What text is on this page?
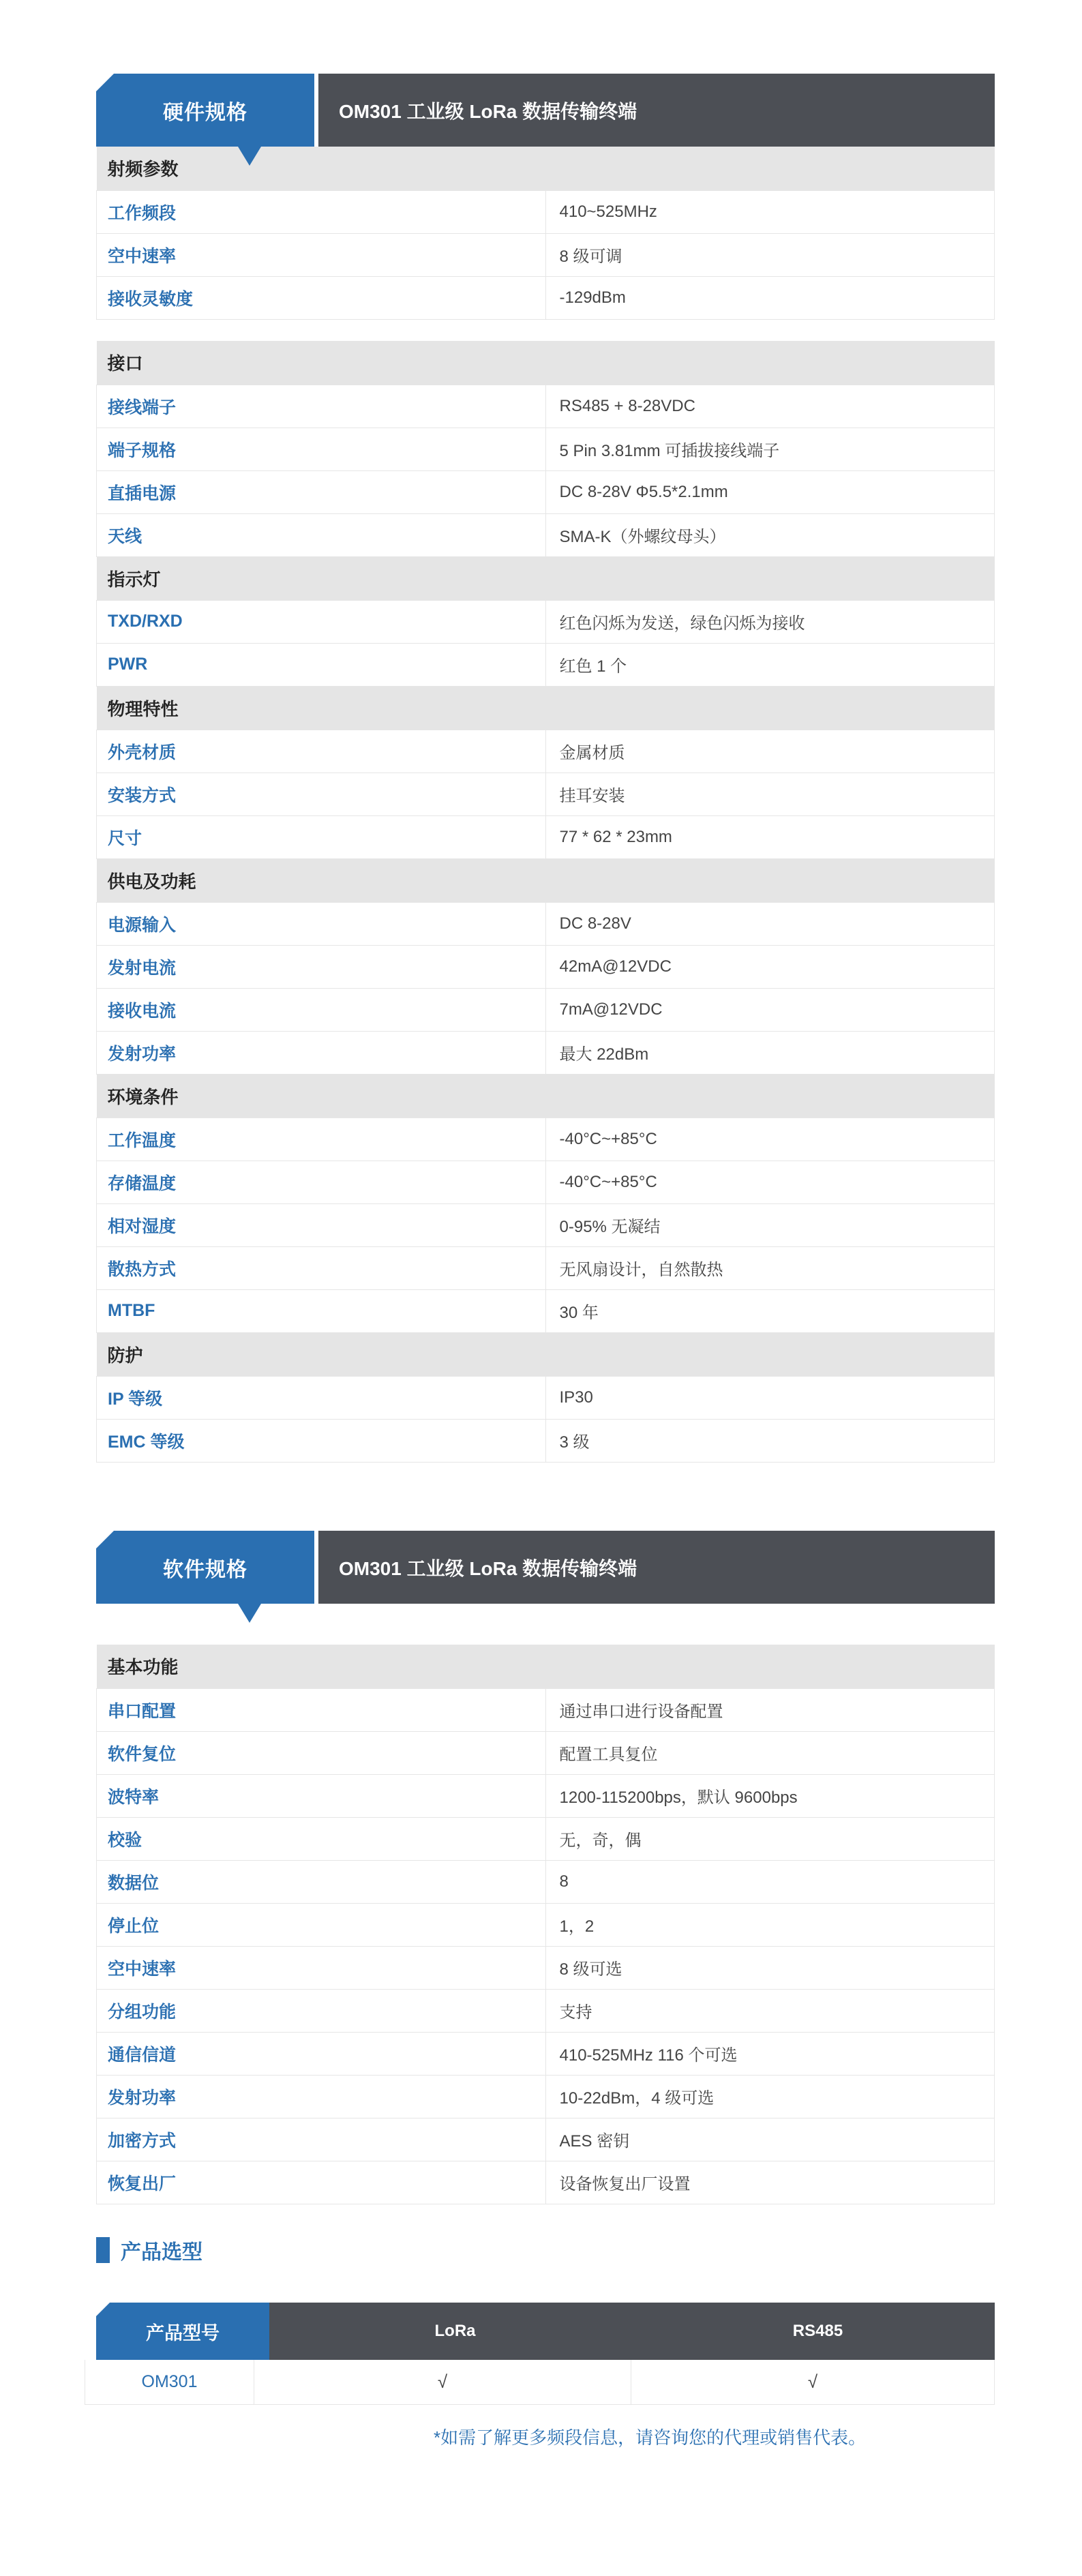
硬件规格	OM301 工业级 LoRa 数据传输终端
射频参数	
工作频段	410~525MHz
空中速率	8 级可调
接收灵敏度	-129dBm

接口	
接线端子	RS485 + 8-28VDC
端子规格	5 Pin 3.81mm 可插拔接线端子
直插电源	DC 8-28V Φ5.5*2.1mm
天线	SMA-K（外螺纹母头）
指示灯	
TXD/RXD	红色闪烁为发送，绿色闪烁为接收
PWR	红色 1 个
物理特性	
外壳材质	金属材质
安装方式	挂耳安装
尺寸	77 * 62 * 23mm
供电及功耗	
电源输入	DC 8-28V
发射电流	42mA@12VDC
接收电流	7mA@12VDC
发射功率	最大 22dBm
环境条件	
工作温度	-40°C~+85°C
存储温度	-40°C~+85°C
相对湿度	0-95% 无凝结
散热方式	无风扇设计，自然散热
MTBF	30 年
防护	
IP 等级	IP30
EMC 等级	3 级
软件规格	OM301 工业级 LoRa 数据传输终端
基本功能	
串口配置	通过串口进行设备配置
软件复位	配置工具复位
波特率	1200-115200bps，默认 9600bps
校验	无，奇，偶
数据位	8
停止位	1，2
空中速率	8 级可选
分组功能	支持
通信信道	410-525MHz 116 个可选
发射功率	10-22dBm，4 级可选
加密方式	AES 密钥
恢复出厂	设备恢复出厂设置
产品选型
产品型号	LoRa	RS485
OM301	√	√
*如需了解更多频段信息，请咨询您的代理或销售代表。
